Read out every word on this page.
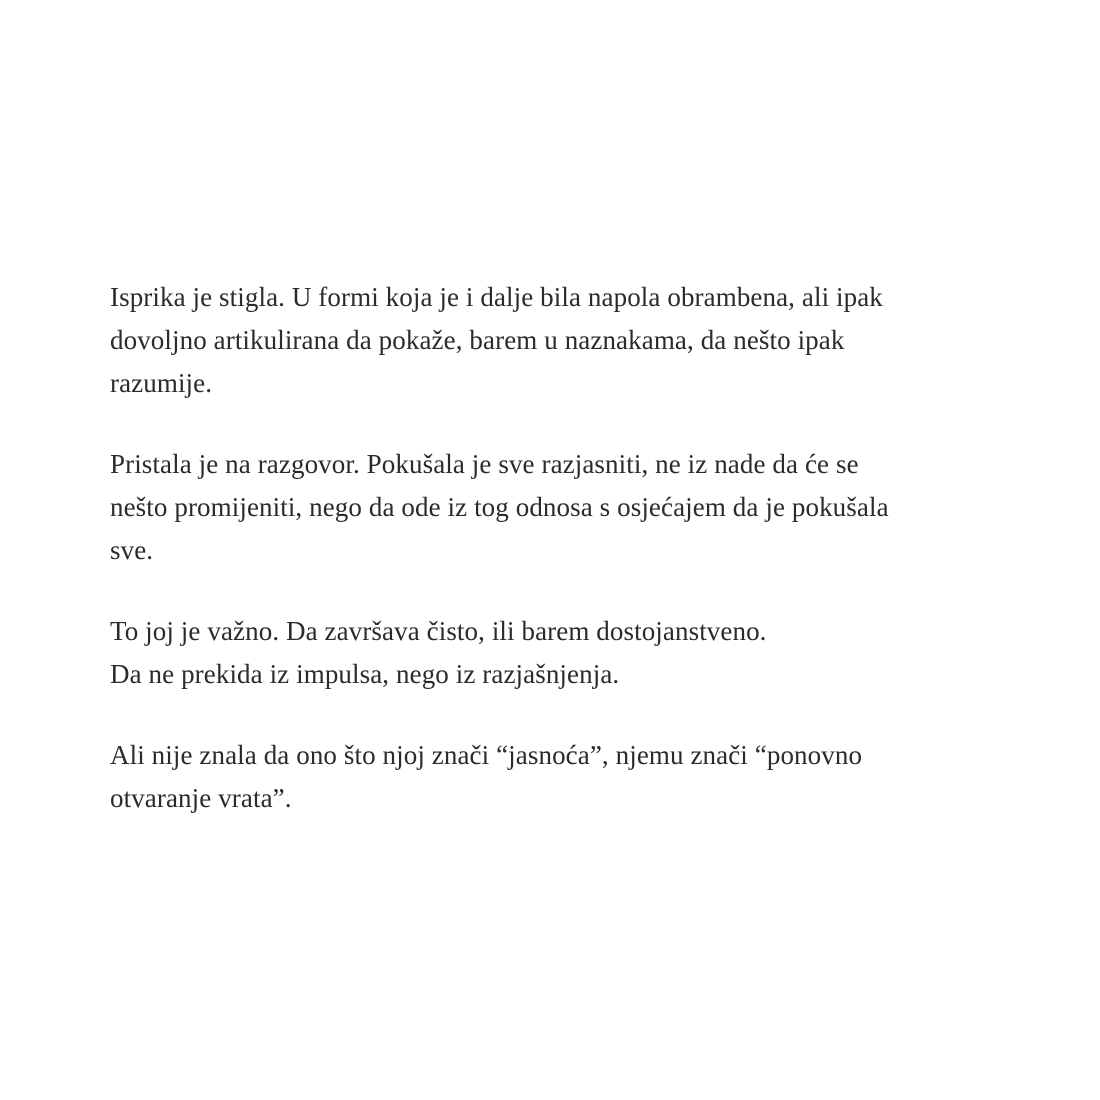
Isprika je stigla. U formi koja je i dalje bila napola obrambena, ali ipak
dovoljno artikulirana da pokaže, barem u naznakama, da nešto ipak
razumije.

Pristala je na razgovor. Pokušala je sve razjasniti, ne iz nade da će se
nešto promijeniti, nego da ode iz tog odnosa s osjećajem da je pokušala
sve.

To joj je važno. Da završava čisto, ili barem dostojanstveno.
Da ne prekida iz impulsa, nego iz razjašnjenja.

Ali nije znala da ono što njoj znači “jasnoća”, njemu znači “ponovno
otvaranje vrata”.
